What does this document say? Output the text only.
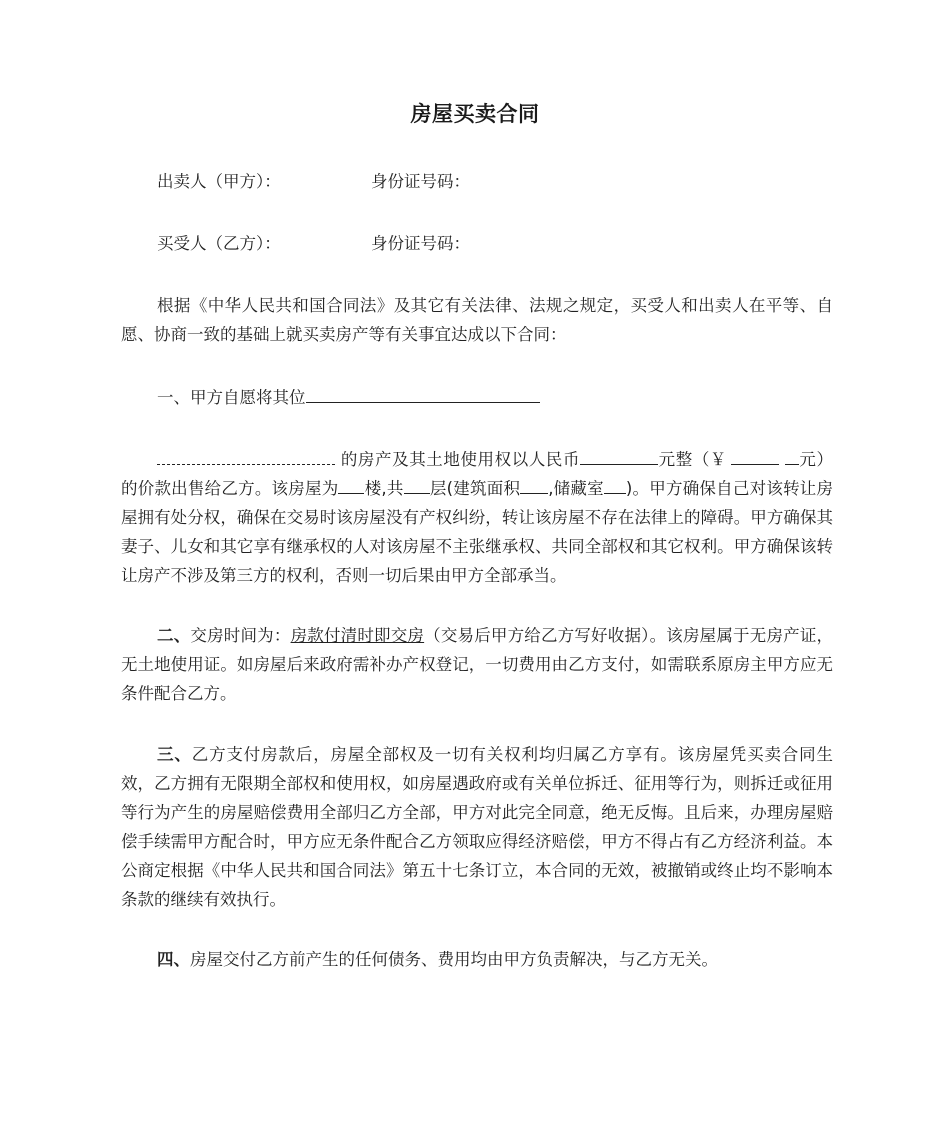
房屋买卖合同
出卖人（甲方）：	身份证号码：
买受人（乙方）：	身份证号码：
根据《中华人民共和国合同法》及其它有关法律、法规之规定，买受人和出卖人在平等、自愿、协商一致的基础上就买卖房产等有关事宜达成以下合同：
一、甲方自愿将其位
的房产及其土地使用权以人民币	元整（￥	元）的价款出售给乙方。该房屋为 楼,共 层(建筑面积 ,储藏室 )。甲方确保自己对该转让房屋拥有处分权，确保在交易时该房屋没有产权纠纷，转让该房屋不存在法律上的障碍。甲方确保其妻子、儿女和其它享有继承权的人对该房屋不主张继承权、共同全部权和其它权利。甲方确保该转让房产不涉及第三方的权利，否则一切后果由甲方全部承当。
二、交房时间为：房款付清时即交房（交易后甲方给乙方写好收据）。该房屋属于无房产证，无土地使用证。如房屋后来政府需补办产权登记，一切费用由乙方支付，如需联系原房主甲方应无条件配合乙方。
三、乙方支付房款后，房屋全部权及一切有关权利均归属乙方享有。该房屋凭买卖合同生效，乙方拥有无限期全部权和使用权，如房屋遇政府或有关单位拆迁、征用等行为，则拆迁或征用等行为产生的房屋赔偿费用全部归乙方全部，甲方对此完全同意，绝无反悔。且后来，办理房屋赔偿手续需甲方配合时，甲方应无条件配合乙方领取应得经济赔偿，甲方不得占有乙方经济利益。本公商定根据《中华人民共和国合同法》第五十七条订立，本合同的无效，被撤销或终止均不影响本条款的继续有效执行。
四、房屋交付乙方前产生的任何债务、费用均由甲方负责解决，与乙方无关。
